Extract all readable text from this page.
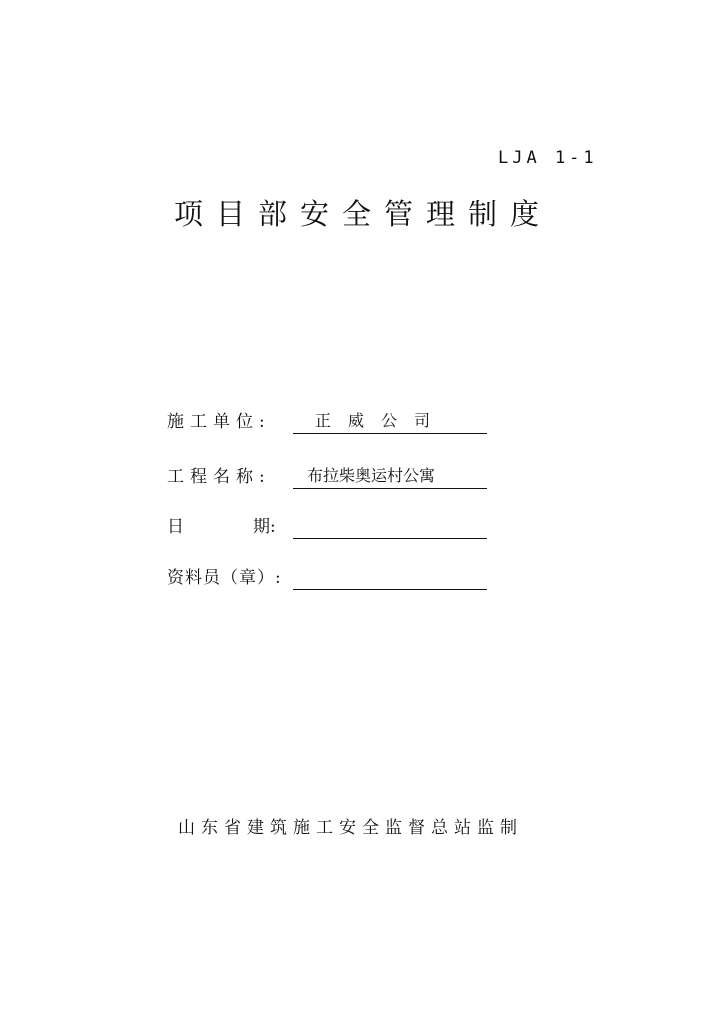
LJA 1-1
项目部安全管理制度
施工单位:	正威公司
工程名称:	布拉柴奥运村公寓
日	期:
资料员（章）:
山东省建筑施工安全监督总站监制
